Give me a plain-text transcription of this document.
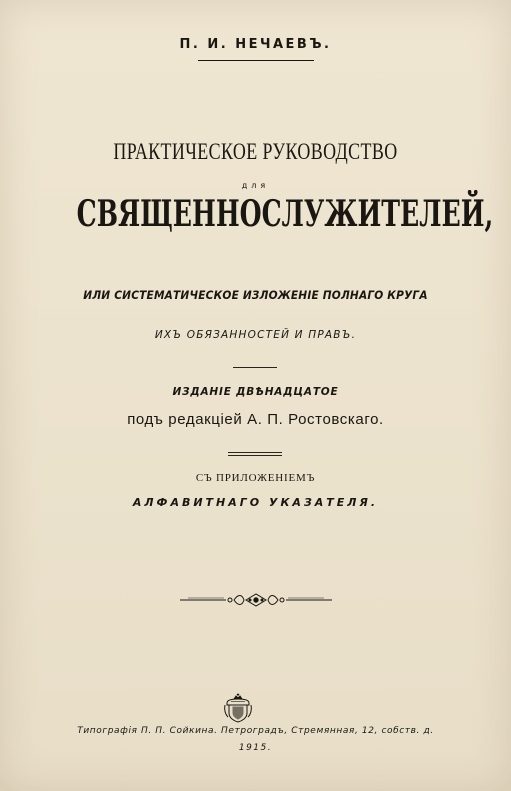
П. И. НЕЧАЕВЪ.
ПРАКТИЧЕСКОЕ РУКОВОДСТВО
для
СВЯЩЕННОСЛУЖИТЕЛЕЙ,
ИЛИ СИСТЕМАТИЧЕСКОЕ ИЗЛОЖЕНІЕ ПОЛНАГО КРУГА
ИХЪ ОБЯЗАННОСТЕЙ И ПРАВЪ.
ИЗДАНІЕ ДВѢНАДЦАТОЕ
подъ редакціей А. П. Ростовскаго.
СЪ ПРИЛОЖЕНІЕМЪ
АЛФАВИТНАГО УКАЗАТЕЛЯ.
Типографія П. П. Сойкина. Петроградъ, Стремянная, 12, собств. д.
1915.
